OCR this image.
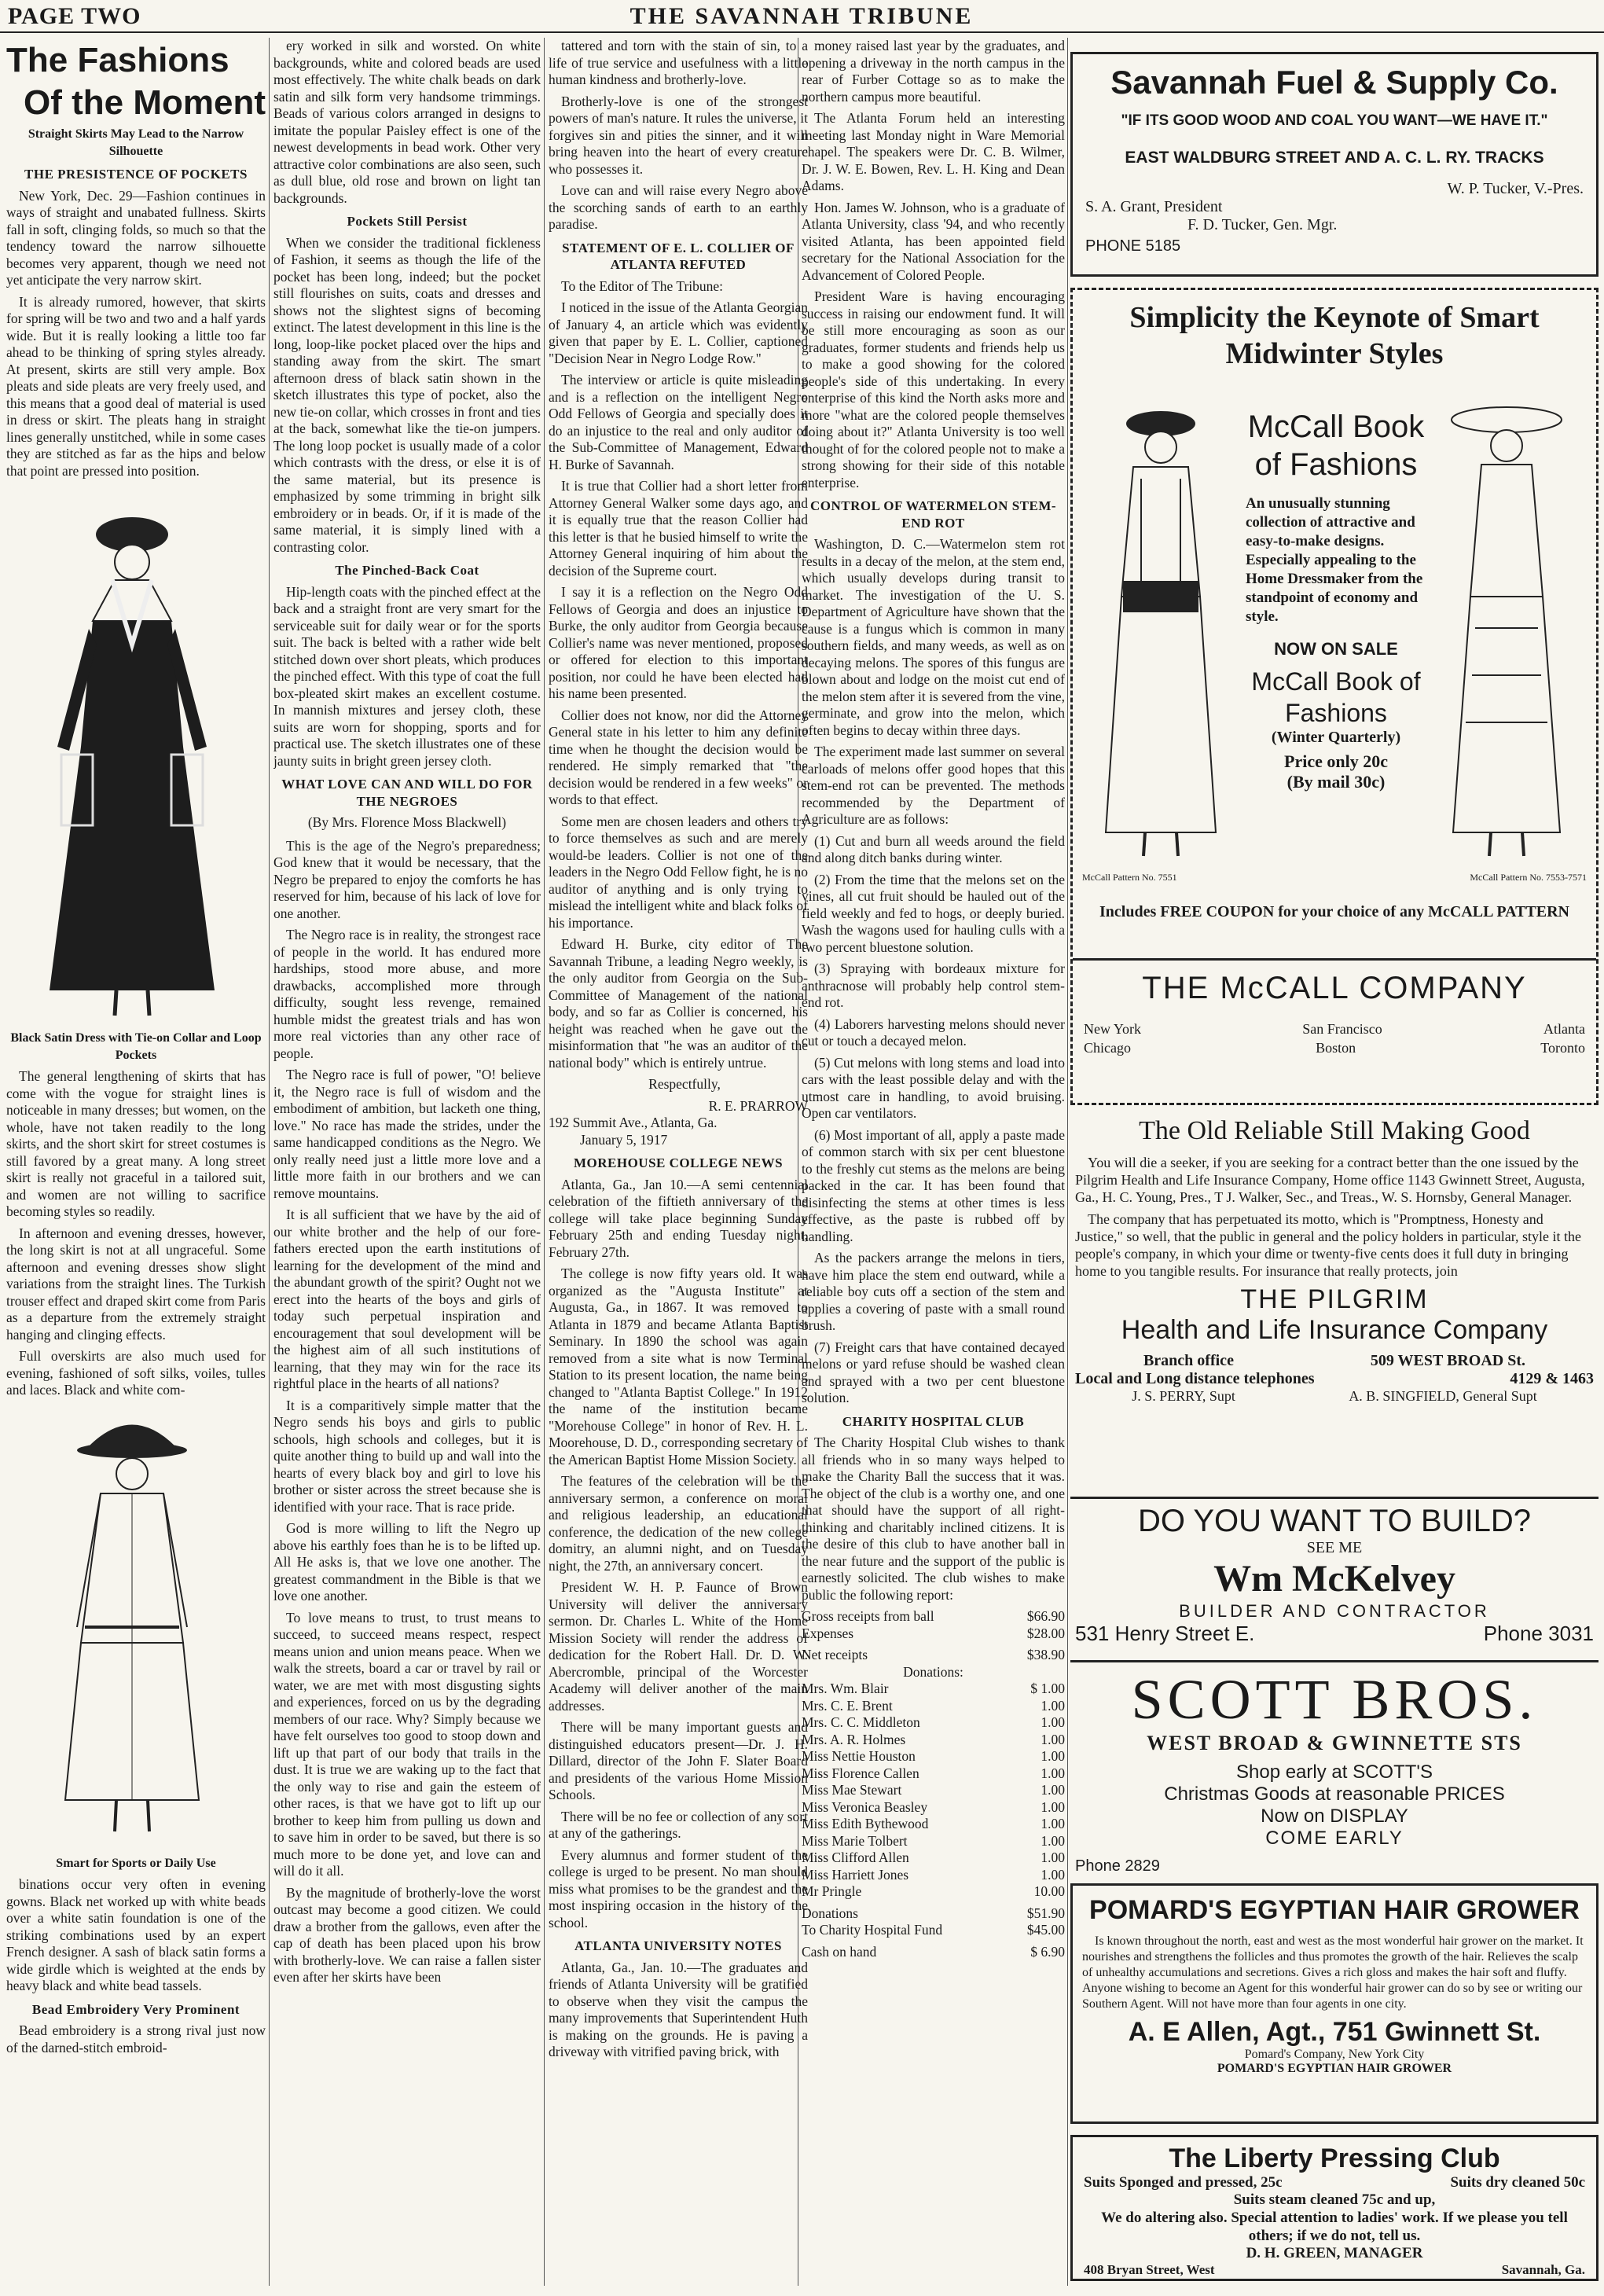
PAGE TWO	THE SAVANNAH TRIBUNE
The Fashions
Of the Moment
Straight Skirts May Lead to the Narrow Silhouette
THE PRESISTENCE OF POCKETS

New York, Dec. 29—Fashion continues in ways of straight and unabated fullness. Skirts fall in soft, clinging folds, so much so that the tendency toward the narrow silhouette becomes very apparent, though we need not yet anticipate the very narrow skirt.

It is already rumored, however, that skirts for spring will be two and two and a half yards wide. But it is really looking a little too far ahead to be thinking of spring styles already. At present, skirts are still very ample. Box pleats and side pleats are very freely used, and this means that a good deal of material is used in dress or skirt. The pleats hang in straight lines generally unstitched, while in some cases they are stitched as far as the hips and below that point are pressed into position.

Black Satin Dress with Tie-on Collar and Loop Pockets

The general lengthening of skirts that has come with the vogue for straight lines is noticeable in many dresses; but women, on the whole, have not taken readily to the long skirts, and the short skirt for street costumes is still favored by a great many. A long street skirt is really not graceful in a tailored suit, and women are not willing to sacrifice becoming styles so readily.

In afternoon and evening dresses, however, the long skirt is not at all ungraceful. Some afternoon and evening dresses show slight variations from the straight lines. The Turkish trouser effect and draped skirt come from Paris as a departure from the extremely straight hanging and clinging effects.

Full overskirts are also much used for evening, fashioned of soft silks, voiles, tulles and laces. Black and white com-

Smart for Sports or Daily Use

binations occur very often in evening gowns. Black net worked up with white beads over a white satin foundation is one of the striking combinations used by an expert French designer. A sash of black satin forms a wide girdle which is weighted at the ends by heavy black and white bead tassels.

Bead Embroidery Very Prominent

Bead embroidery is a strong rival just now of the darned-stitch embroid-

ery worked in silk and worsted. On white backgrounds, white and colored beads are used most effectively. The white chalk beads on dark satin and silk form very handsome trimmings. Beads of various colors arranged in designs to imitate the popular Paisley effect is one of the newest developments in bead work. Other very attractive color combinations are also seen, such as dull blue, old rose and brown on light tan backgrounds.

Pockets Still Persist

When we consider the traditional fickleness of Fashion, it seems as though the life of the pocket has been long, indeed; but the pocket still flourishes on suits, coats and dresses and shows not the slightest signs of becoming extinct. The latest development in this line is the long, loop-like pocket placed over the hips and standing away from the skirt. The smart afternoon dress of black satin shown in the sketch illustrates this type of pocket, also the new tie-on collar, which crosses in front and ties at the back, somewhat like the tie-on jumpers. The long loop pocket is usually made of a color which contrasts with the dress, or else it is of the same material, but its presence is emphasized by some trimming in bright silk embroidery or in beads. Or, if it is made of the same material, it is simply lined with a contrasting color.

The Pinched-Back Coat

Hip-length coats with the pinched effect at the back and a straight front are very smart for the serviceable suit for daily wear or for the sports suit. The back is belted with a rather wide belt stitched down over short pleats, which produces the pinched effect. With this type of coat the full box-pleated skirt makes an excellent costume. In mannish mixtures and jersey cloth, these suits are worn for shopping, sports and for practical use. The sketch illustrates one of these jaunty suits in bright green jersey cloth.

WHAT LOVE CAN AND WILL DO FOR THE NEGROES
(By Mrs. Florence Moss Blackwell)

This is the age of the Negro's preparedness; God knew that it would be necessary, that the Negro be prepared to enjoy the comforts he has reserved for him, because of his lack of love for one another.

The Negro race is in reality, the strongest race of people in the world. It has endured more hardships, stood more abuse, and more drawbacks, accomplished more through difficulty, sought less revenge, remained humble midst the greatest trials and has won more real victories than any other race of people.

The Negro race is full of power, "O! believe it, the Negro race is full of wisdom and the embodiment of ambition, but lacketh one thing, love." No race has made the strides, under the same handicapped conditions as the Negro. We only really need just a little more love and a little more faith in our brothers and we can remove mountains.

It is all sufficient that we have by the aid of our white brother and the help of our fore-fathers erected upon the earth institutions of learning for the development of the mind and the abundant growth of the spirit? Ought not we erect into the hearts of the boys and girls of today such perpetual inspiration and encouragement that soul development will be the highest aim of all such institutions of learning, that they may win for the race its rightful place in the hearts of all nations?

It is a comparitively simple matter that the Negro sends his boys and girls to public schools, high schools and colleges, but it is quite another thing to build up and wall into the hearts of every black boy and girl to love his brother or sister across the street because she is identified with your race. That is race pride.

God is more willing to lift the Negro up above his earthly foes than he is to be lifted up. All He asks is, that we love one another. The greatest commandment in the Bible is that we love one another.

To love means to trust, to trust means to succeed, to succeed means respect, respect means union and union means peace. When we walk the streets, board a car or travel by rail or water, we are met with most disgusting sights and experiences, forced on us by the degrading members of our race. Why? Simply because we have felt ourselves too good to stoop down and lift up that part of our body that trails in the dust. It is true we are waking up to the fact that the only way to rise and gain the esteem of other races, is that we have got to lift up our brother to keep him from pulling us down and to save him in order to be saved, but there is so much more to be done yet, and love can and will do it all.

By the magnitude of brotherly-love the worst outcast may become a good citizen. We could draw a brother from the gallows, even after the cap of death has been placed upon his brow with brotherly-love. We can raise a fallen sister even after her skirts have been

tattered and torn with the stain of sin, to a life of true service and usefulness with a little human kindness and brotherly-love.

Brotherly-love is one of the strongest powers of man's nature. It rules the universe, it forgives sin and pities the sinner, and it will bring heaven into the heart of every creature who possesses it.

Love can and will raise every Negro above the scorching sands of earth to an earthly paradise.

STATEMENT OF E. L. COLLIER OF ATLANTA REFUTED

To the Editor of The Tribune:

I noticed in the issue of the Atlanta Georgian of January 4, an article which was evidently given that paper by E. L. Collier, captioned "Decision Near in Negro Lodge Row."

The interview or article is quite misleading and is a reflection on the intelligent Negro Odd Fellows of Georgia and specially does it do an injustice to the real and only auditor of the Sub-Committee of Management, Edward H. Burke of Savannah.

It is true that Collier had a short letter from Attorney General Walker some days ago, and it is equally true that the reason Collier had this letter is that he busied himself to write the Attorney General inquiring of him about the decision of the Supreme court.

I say it is a reflection on the Negro Odd Fellows of Georgia and does an injustice to Burke, the only auditor from Georgia because Collier's name was never mentioned, proposed or offered for election to this important position, nor could he have been elected had his name been presented.

Collier does not know, nor did the Attorney General state in his letter to him any definite time when he thought the decision would be rendered. He simply remarked that "the decision would be rendered in a few weeks" or words to that effect.

Some men are chosen leaders and others try to force themselves as such and are merely would-be leaders. Collier is not one of the leaders in the Negro Odd Fellow fight, he is no auditor of anything and is only trying to mislead the intelligent white and black folks of his importance.

Edward H. Burke, city editor of The Savannah Tribune, a leading Negro weekly, is the only auditor from Georgia on the Sub-Committee of Management of the national body, and so far as Collier is concerned, his height was reached when he gave out the misinformation that "he was an auditor of the national body" which is entirely untrue.

Respectfully,

R. E. PRARROW
192 Summit Ave., Atlanta, Ga.
January 5, 1917
MOREHOUSE COLLEGE NEWS

Atlanta, Ga., Jan 10.—A semi centennial celebration of the fiftieth anniversary of the college will take place beginning Sunday February 25th and ending Tuesday night, February 27th.

The college is now fifty years old. It was organized as the "Augusta Institute" at Augusta, Ga., in 1867. It was removed to Atlanta in 1879 and became Atlanta Baptist Seminary. In 1890 the school was again removed from a site what is now Terminal Station to its present location, the name being changed to "Atlanta Baptist College." In 1912 the name of the institution became "Morehouse College" in honor of Rev. H. L. Moorehouse, D. D., corresponding secretary of the American Baptist Home Mission Society.

The features of the celebration will be the anniversary sermon, a conference on moral and religious leadership, an educational conference, the dedication of the new college domitry, an alumni night, and on Tuesday night, the 27th, an anniversary concert.

President W. H. P. Faunce of Brown University will deliver the anniversary sermon. Dr. Charles L. White of the Home Mission Society will render the address of dedication for the Robert Hall. Dr. D. W. Abercromble, principal of the Worcester Academy will deliver another of the main addresses.

There will be many important guests and distinguished educators present—Dr. J. H. Dillard, director of the John F. Slater Board and presidents of the various Home Mission Schools.

There will be no fee or collection of any sort at any of the gatherings.

Every alumnus and former student of the college is urged to be present. No man should miss what promises to be the grandest and the most inspiring occasion in the history of the school.

ATLANTA UNIVERSITY NOTES

Atlanta, Ga., Jan. 10.—The graduates and friends of Atlanta University will be gratified to observe when they visit the campus the many improvements that Superintendent Huth is making on the grounds. He is paving a driveway with vitrified paving brick, with

money raised last year by the graduates, and opening a driveway in the north campus in the rear of Furber Cottage so as to make the northern campus more beautiful.

The Atlanta Forum held an interesting meeting last Monday night in Ware Memorial chapel. The speakers were Dr. C. B. Wilmer, Dr. J. W. E. Bowen, Rev. L. H. King and Dean Adams.

Hon. James W. Johnson, who is a graduate of Atlanta University, class '94, and who recently visited Atlanta, has been appointed field secretary for the National Association for the Advancement of Colored People.

President Ware is having encouraging success in raising our endowment fund. It will be still more encouraging as soon as our graduates, former students and friends help us to make a good showing for the colored people's side of this undertaking. In every enterprise of this kind the North asks more and more "what are the colored people themselves doing about it?" Atlanta University is too well thought of for the colored people not to make a strong showing for their side of this notable enterprise.

CONTROL OF WATERMELON STEM-END ROT

Washington, D. C.—Watermelon stem rot results in a decay of the melon, at the stem end, which usually develops during transit to market. The investigation of the U. S. Department of Agriculture have shown that the cause is a fungus which is common in many southern fields, and many weeds, as well as on decaying melons. The spores of this fungus are blown about and lodge on the moist cut end of the melon stem after it is severed from the vine, germinate, and grow into the melon, which often begins to decay within three days.

The experiment made last summer on several carloads of melons offer good hopes that this stem-end rot can be prevented. The methods recommended by the Department of Agriculture are as follows:

(1) Cut and burn all weeds around the field and along ditch banks during winter.

(2) From the time that the melons set on the vines, all cut fruit should be hauled out of the field weekly and fed to hogs, or deeply buried. Wash the wagons used for hauling culls with a two percent bluestone solution.

(3) Spraying with bordeaux mixture for anthracnose will probably help control stem-end rot.

(4) Laborers harvesting melons should never cut or touch a decayed melon.

(5) Cut melons with long stems and load into cars with the least possible delay and with the utmost care in handling, to avoid bruising. Open car ventilators.

(6) Most important of all, apply a paste made of common starch with six per cent bluestone to the freshly cut stems as the melons are being packed in the car. It has been found that disinfecting the stems at other times is less effective, as the paste is rubbed off by handling.

As the packers arrange the melons in tiers, have him place the stem end outward, while a reliable boy cuts off a section of the stem and applies a covering of paste with a small round brush.

(7) Freight cars that have contained decayed melons or yard refuse should be washed clean and sprayed with a two per cent bluestone solution.

CHARITY HOSPITAL CLUB

The Charity Hospital Club wishes to thank all friends who in so many ways helped to make the Charity Ball the success that it was. The object of the club is a worthy one, and one that should have the support of all right-thinking and charitably inclined citizens. It is the desire of this club to have another ball in the near future and the support of the public is earnestly solicited. The club wishes to make public the following report:

Gross receipts from ball	$66.90
Expenses	$28.00
Net receipts	$38.90
Donations:
Mrs. Wm. Blair	$ 1.00
Mrs. C. E. Brent	1.00
Mrs. C. C. Middleton	1.00
Mrs. A. R. Holmes	1.00
Miss Nettie Houston	1.00
Miss Florence Callen	1.00
Miss Mae Stewart	1.00
Miss Veronica Beasley	1.00
Miss Edith Bythewood	1.00
Miss Marie Tolbert	1.00
Miss Clifford Allen	1.00
Miss Harriett Jones	1.00
Mr Pringle	10.00
Donations	$51.90
To Charity Hospital Fund	$45.00
Cash on hand	$ 6.90
Savannah Fuel & Supply Co.
"IF ITS GOOD WOOD AND COAL YOU WANT—WE HAVE IT."
EAST WALDBURG STREET AND A. C. L. RY. TRACKS
W. P. Tucker, V.-Pres.
S. A. Grant, President
F. D. Tucker, Gen. Mgr.
PHONE 5185
Simplicity the Keynote of Smart Midwinter Styles
McCall Book of Fashions
An unusually stunning collection of attractive and easy-to-make designs. Especially appealing to the Home Dressmaker from the standpoint of economy and style.
NOW ON SALE
McCall Book of Fashions
(Winter Quarterly)
Price only 20c
(By mail 30c)
McCall Pattern No. 7551	McCall Pattern No. 7553-7571
Includes FREE COUPON for your choice of any McCALL PATTERN
THE McCALL COMPANY
New York	San Francisco	Atlanta
Chicago	Boston	Toronto
The Old Reliable Still Making Good

You will die a seeker, if you are seeking for a contract better than the one issued by the Pilgrim Health and Life Insurance Company, Home office 1143 Gwinnett Street, Augusta, Ga., H. C. Young, Pres., T J. Walker, Sec., and Treas., W. S. Hornsby, General Manager.

The company that has perpetuated its motto, which is "Promptness, Honesty and Justice," so well, that the public in general and the policy holders in particular, style it the people's company, in which your dime or twenty-five cents does it full duty in bringing home to you tangible results. For insurance that really protects, join

THE PILGRIM
Health and Life Insurance Company
Branch office	509 WEST BROAD St.
Local and Long distance telephones	4129 & 1463
J. S. PERRY, Supt	A. B. SINGFIELD, General Supt
DO YOU WANT TO BUILD?
SEE ME
Wm McKelvey
BUILDER AND CONTRACTOR
531 Henry Street E.	Phone 3031
SCOTT BROS.
WEST BROAD & GWINNETTE STS
Shop early at SCOTT'S
Christmas Goods at reasonable PRICES
Now on DISPLAY
COME EARLY
Phone 2829
POMARD'S EGYPTIAN HAIR GROWER

Is known throughout the north, east and west as the most wonderful hair grower on the market. It nourishes and strengthens the follicles and thus promotes the growth of the hair. Relieves the scalp of unhealthy accumulations and secretions. Gives a rich gloss and makes the hair soft and fluffy. Anyone wishing to become an Agent for this wonderful hair grower can do so by see or writing our Southern Agent. Will not have more than four agents in one city.

A. E Allen, Agt., 751 Gwinnett St.
Pomard's Company, New York City
POMARD'S EGYPTIAN HAIR GROWER
The Liberty Pressing Club
Suits Sponged and pressed, 25c	Suits dry cleaned 50c
Suits steam cleaned 75c and up,
We do altering also. Special attention to ladies' work. If we please you tell others; if we do not, tell us.
D. H. GREEN, MANAGER
408 Bryan Street, West	Savannah, Ga.
